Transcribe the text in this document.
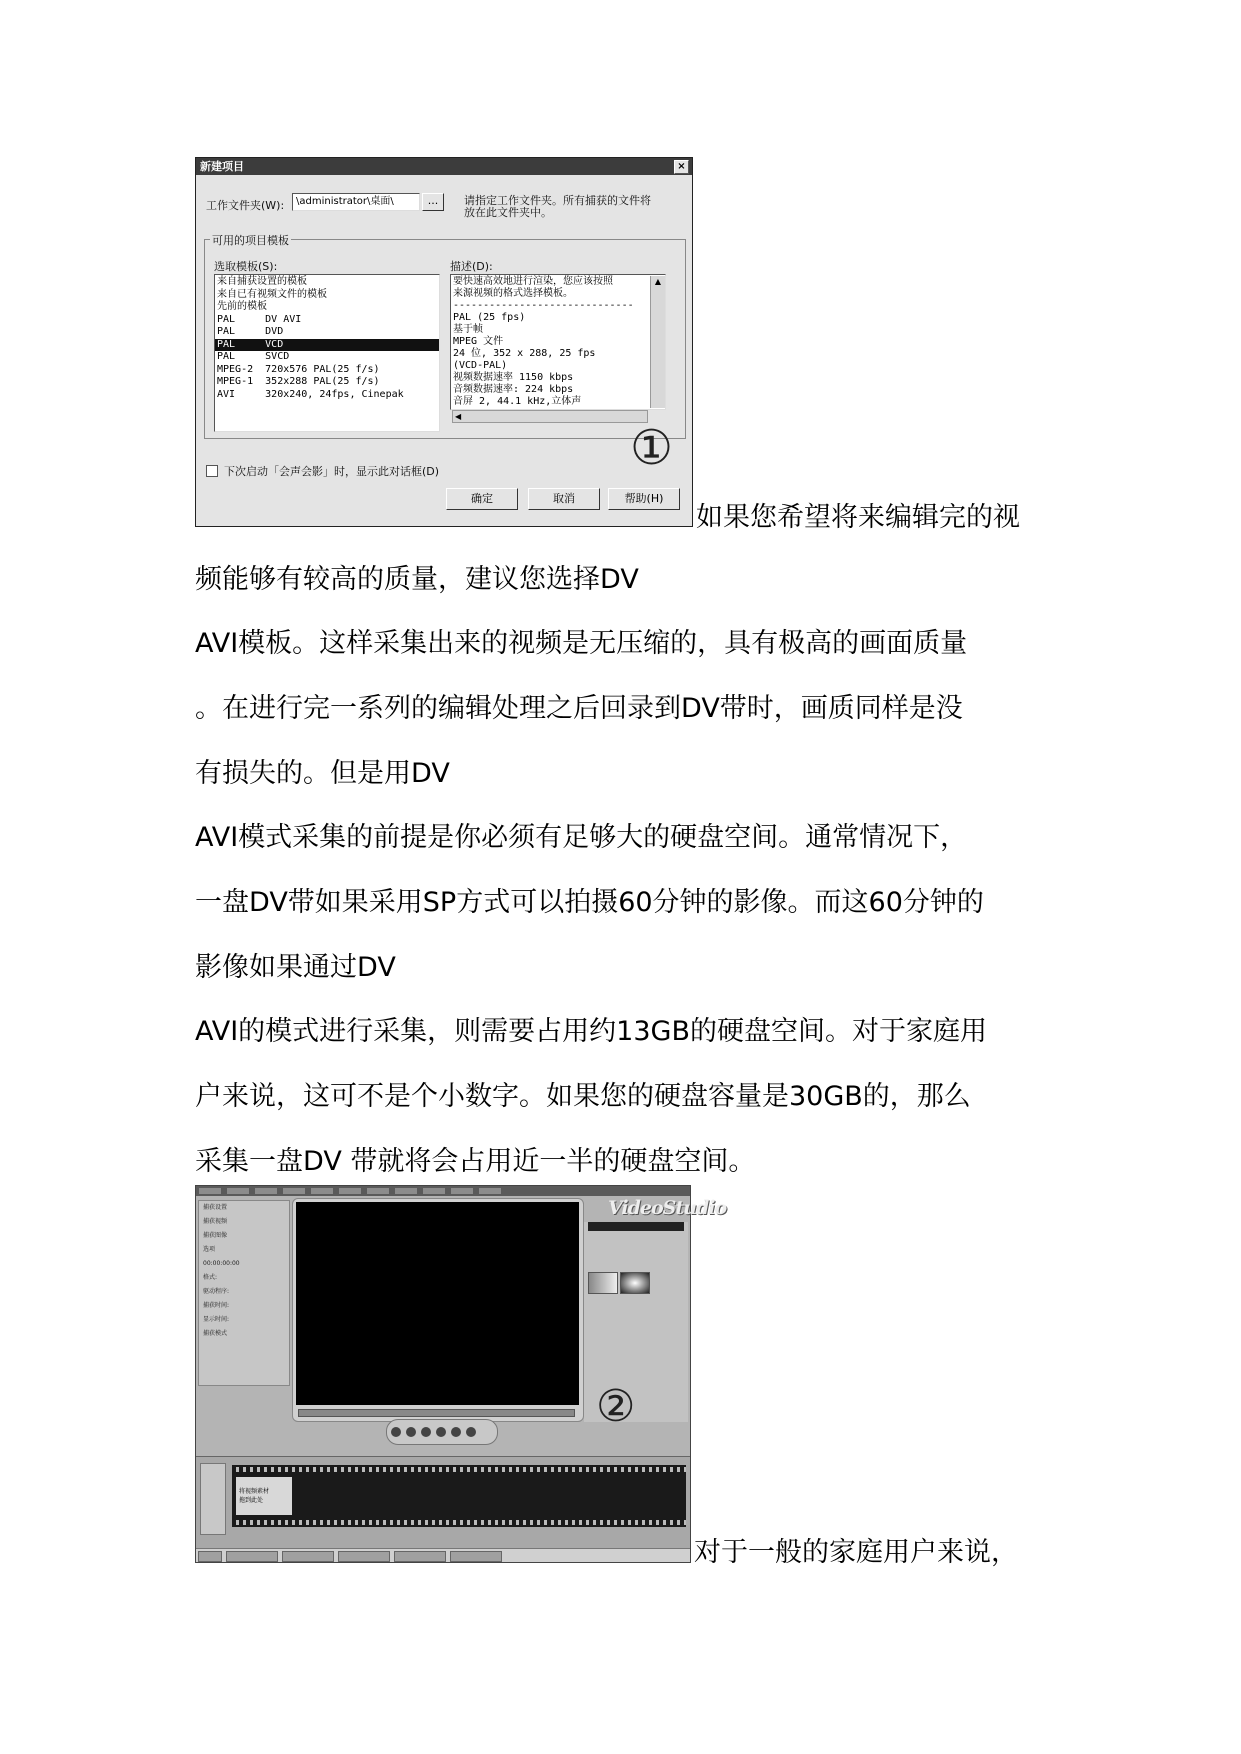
新建项目	×
工作文件夹(W):	\administrator\桌面\	...	请指定工作文件夹。所有捕获的文件将
放在此文件夹中。
可用的项目模板
选取模板(S):	描述(D):
来自捕获设置的模板
来自已有视频文件的模板
先前的模板
PAL     DV AVI
PAL     DVD
PAL     VCD
PAL     SVCD
MPEG-2  720x576 PAL(25 f/s)
MPEG-1  352x288 PAL(25 f/s)
AVI     320x240, 24fps, Cinepak
要快速高效地进行渲染，您应该按照
来源视频的格式选择模板。
------------------------------
PAL (25 fps)
基于帧
MPEG 文件
24 位, 352 x 288, 25 fps
(VCD-PAL)
视频数据速率 1150 kbps
音频数据速率: 224 kbps
音屏 2, 44.1 kHz,立体声
▲
◀
下次启动「会声会影」时，显示此对话框(D)
确定	取消	帮助(H)
①
如果您希望将来编辑完的视
频能够有较高的质量，建议您选择DV
AVI模板。这样采集出来的视频是无压缩的，具有极高的画面质量
。在进行完一系列的编辑处理之后回录到DV带时，画质同样是没
有损失的。但是用DV
AVI模式采集的前提是你必须有足够大的硬盘空间。通常情况下，
一盘DV带如果采用SP方式可以拍摄60分钟的影像。而这60分钟的
影像如果通过DV
AVI的模式进行采集，则需要占用约13GB的硬盘空间。对于家庭用
户来说，这可不是个小数字。如果您的硬盘容量是30GB的，那么
采集一盘DV 带就将会占用近一半的硬盘空间。
VideoStudio
捕获设置
捕获视频
捕获图像
选项
00:00:00:00
格式:
驱动程序:
捕获时间:
显示时间:
捕获模式
②
将视频素材
拖到此处
对于一般的家庭用户来说，
